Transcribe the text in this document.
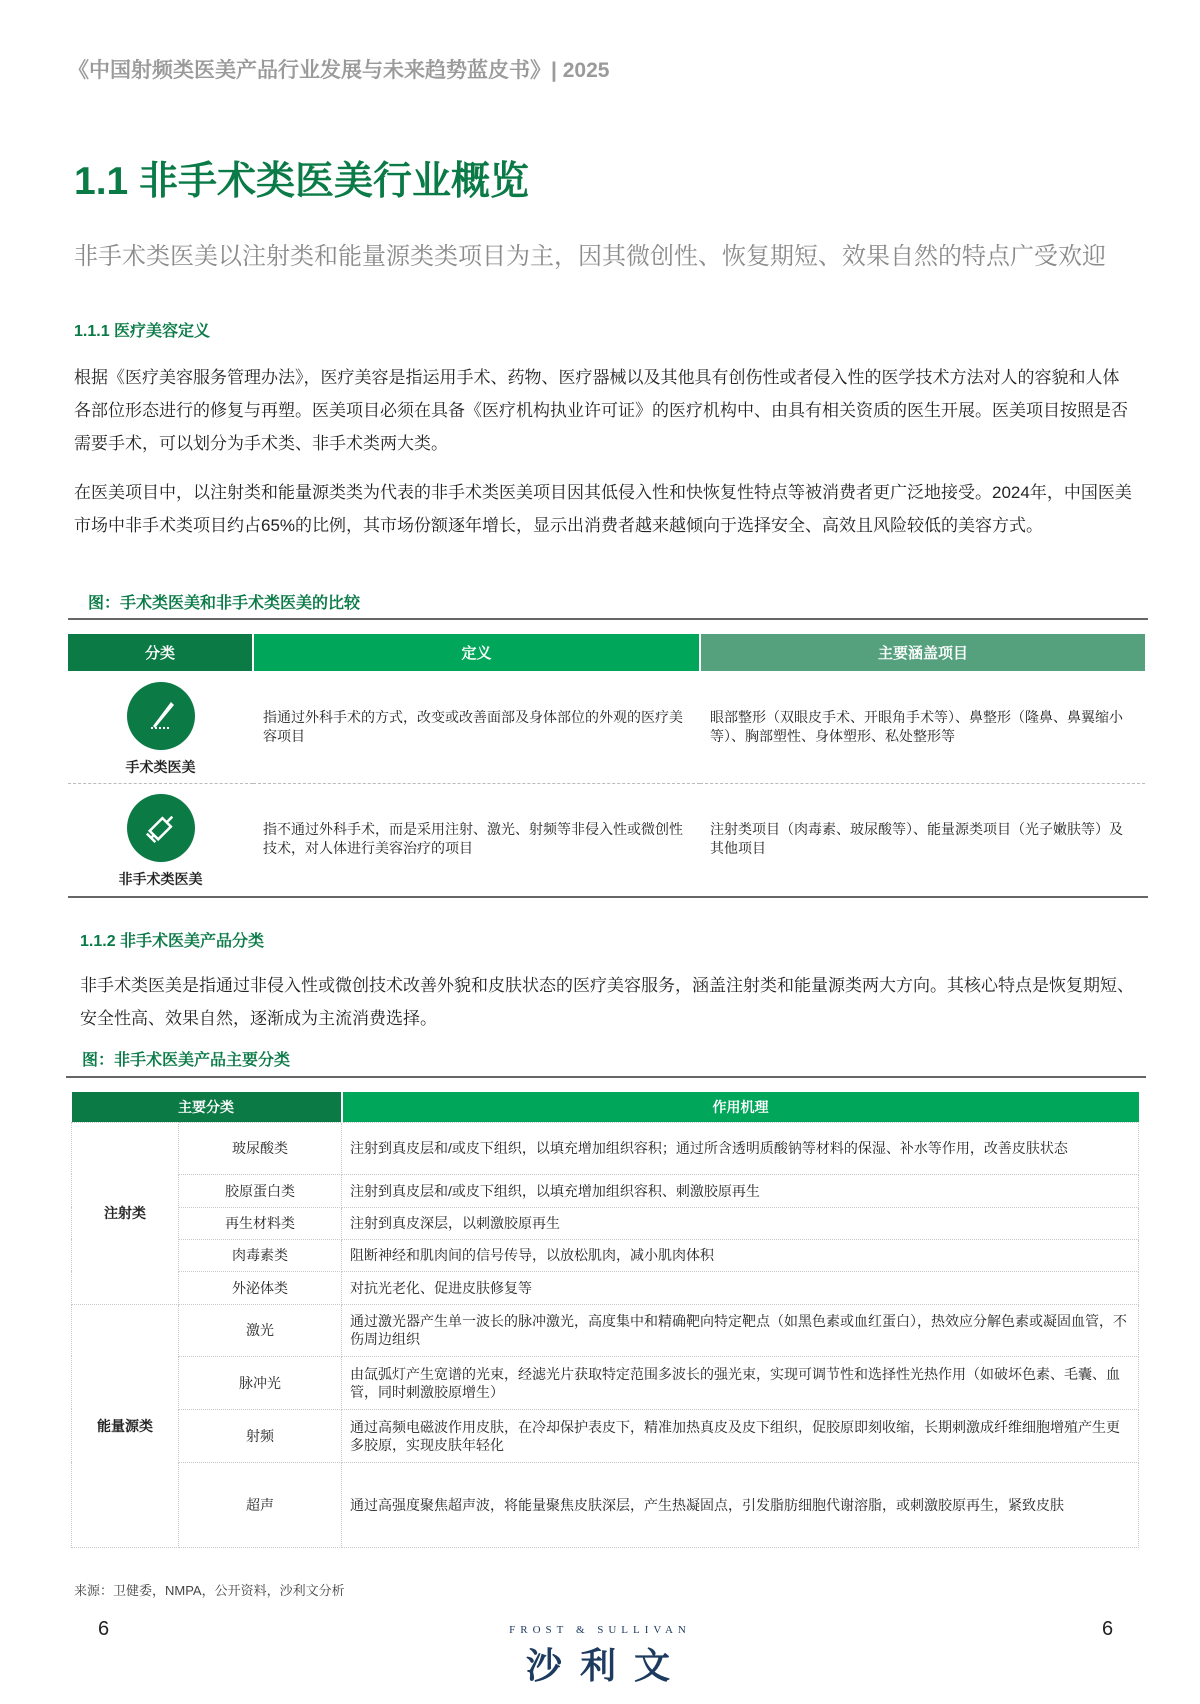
《中国射频类医美产品行业发展与未来趋势蓝皮书》| 2025
1.1 非手术类医美行业概览
非手术类医美以注射类和能量源类类项目为主，因其微创性、恢复期短、效果自然的特点广受欢迎
1.1.1 医疗美容定义
根据《医疗美容服务管理办法》，医疗美容是指运用手术、药物、医疗器械以及其他具有创伤性或者侵入性的医学技术方法对人的容貌和人体各部位形态进行的修复与再塑。医美项目必须在具备《医疗机构执业许可证》的医疗机构中、由具有相关资质的医生开展。医美项目按照是否需要手术，可以划分为手术类、非手术类两大类。
在医美项目中，以注射类和能量源类类为代表的非手术类医美项目因其低侵入性和快恢复性特点等被消费者更广泛地接受。2024年，中国医美市场中非手术类项目约占65%的比例，其市场份额逐年增长，显示出消费者越来越倾向于选择安全、高效且风险较低的美容方式。
图：手术类医美和非手术类医美的比较
分类	定义	主要涵盖项目

手术类医美	指通过外科手术的方式，改变或改善面部及身体部位的外观的医疗美容项目	眼部整形（双眼皮手术、开眼角手术等）、鼻整形（隆鼻、鼻翼缩小等）、胸部塑性、身体塑形、私处整形等

非手术类医美	指不通过外科手术，而是采用注射、激光、射频等非侵入性或微创性技术，对人体进行美容治疗的项目	注射类项目（肉毒素、玻尿酸等）、能量源类项目（光子嫩肤等）及其他项目
1.1.2 非手术医美产品分类
非手术类医美是指通过非侵入性或微创技术改善外貌和皮肤状态的医疗美容服务，涵盖注射类和能量源类两大方向。其核心特点是恢复期短、安全性高、效果自然，逐渐成为主流消费选择。
图：非手术医美产品主要分类
主要分类		作用机理
注射类	玻尿酸类	注射到真皮层和/或皮下组织，以填充增加组织容积；通过所含透明质酸钠等材料的保湿、补水等作用，改善皮肤状态
	胶原蛋白类	注射到真皮层和/或皮下组织，以填充增加组织容积、刺激胶原再生
	再生材料类	注射到真皮深层，以刺激胶原再生
	肉毒素类	阻断神经和肌肉间的信号传导，以放松肌肉，减小肌肉体积
	外泌体类	对抗光老化、促进皮肤修复等
能量源类	激光	通过激光器产生单一波长的脉冲激光，高度集中和精确靶向特定靶点（如黑色素或血红蛋白），热效应分解色素或凝固血管，不伤周边组织
	脉冲光	由氙弧灯产生宽谱的光束，经滤光片获取特定范围多波长的强光束，实现可调节性和选择性光热作用（如破坏色素、毛囊、血管，同时刺激胶原增生）
	射频	通过高频电磁波作用皮肤，在冷却保护表皮下，精准加热真皮及皮下组织，促胶原即刻收缩，长期刺激成纤维细胞增殖产生更多胶原，实现皮肤年轻化
	超声	通过高强度聚焦超声波，将能量聚焦皮肤深层，产生热凝固点，引发脂肪细胞代谢溶脂，或刺激胶原再生，紧致皮肤
来源：卫健委，NMPA，公开资料，沙利文分析
6	6
FROST & SULLIVAN
沙 利 文
